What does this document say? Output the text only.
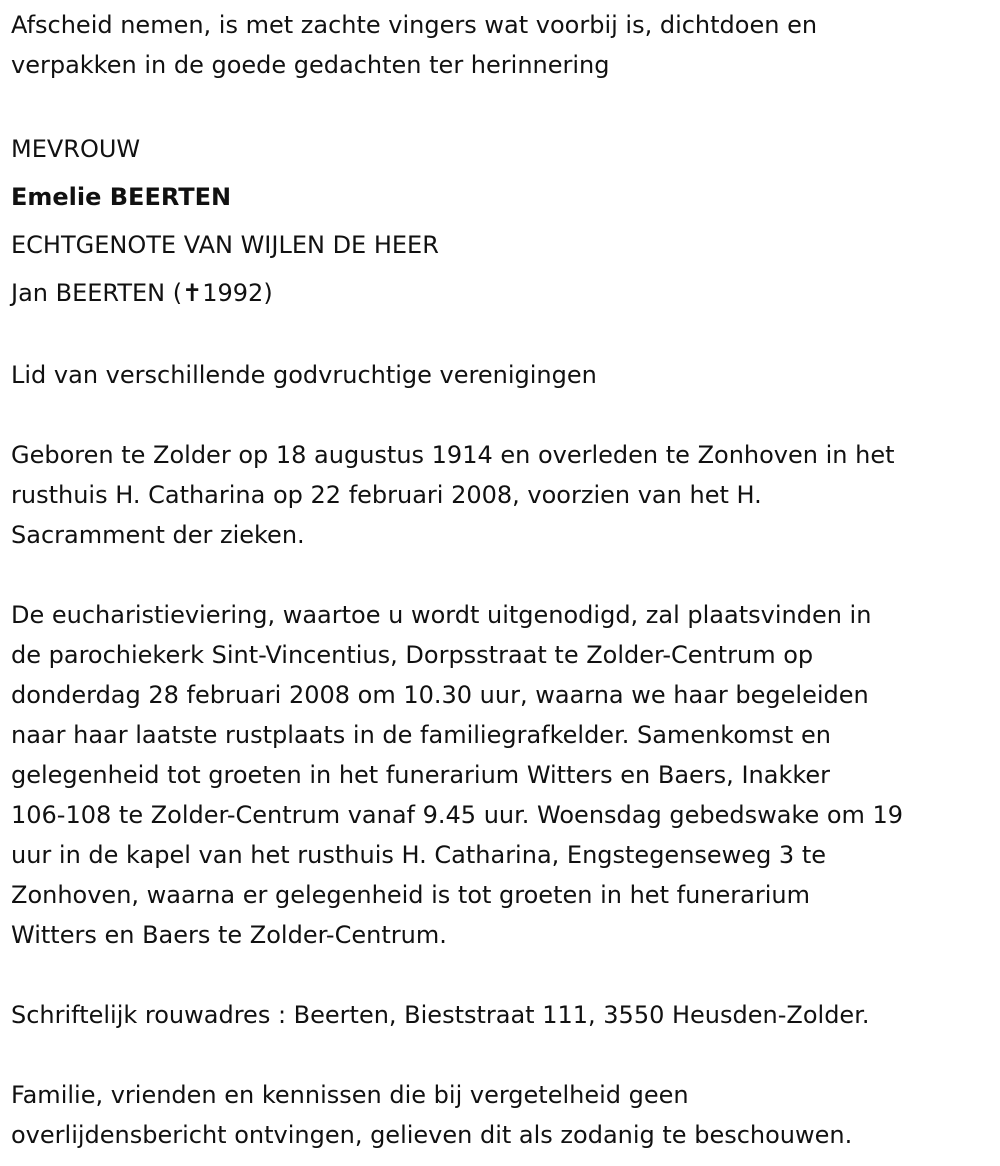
Afscheid nemen, is met zachte vingers wat voorbij is, dichtdoen en
verpakken in de goede gedachten ter herinnering
MEVROUW
Emelie BEERTEN
ECHTGENOTE VAN WIJLEN DE HEER
Jan BEERTEN (✝1992)
Lid van verschillende godvruchtige verenigingen
Geboren te Zolder op 18 augustus 1914 en overleden te Zonhoven in het
rusthuis H. Catharina op 22 februari 2008, voorzien van het H.
Sacramment der zieken.
De eucharistieviering, waartoe u wordt uitgenodigd, zal plaatsvinden in
de parochiekerk Sint-Vincentius, Dorpsstraat te Zolder-Centrum op
donderdag 28 februari 2008 om 10.30 uur, waarna we haar begeleiden
naar haar laatste rustplaats in de familiegrafkelder. Samenkomst en
gelegenheid tot groeten in het funerarium Witters en Baers, Inakker
106-108 te Zolder-Centrum vanaf 9.45 uur. Woensdag gebedswake om 19
uur in de kapel van het rusthuis H. Catharina, Engstegenseweg 3 te
Zonhoven, waarna er gelegenheid is tot groeten in het funerarium
Witters en Baers te Zolder-Centrum.
Schriftelijk rouwadres : Beerten, Bieststraat 111, 3550 Heusden-Zolder.
Familie, vrienden en kennissen die bij vergetelheid geen
overlijdensbericht ontvingen, gelieven dit als zodanig te beschouwen.
